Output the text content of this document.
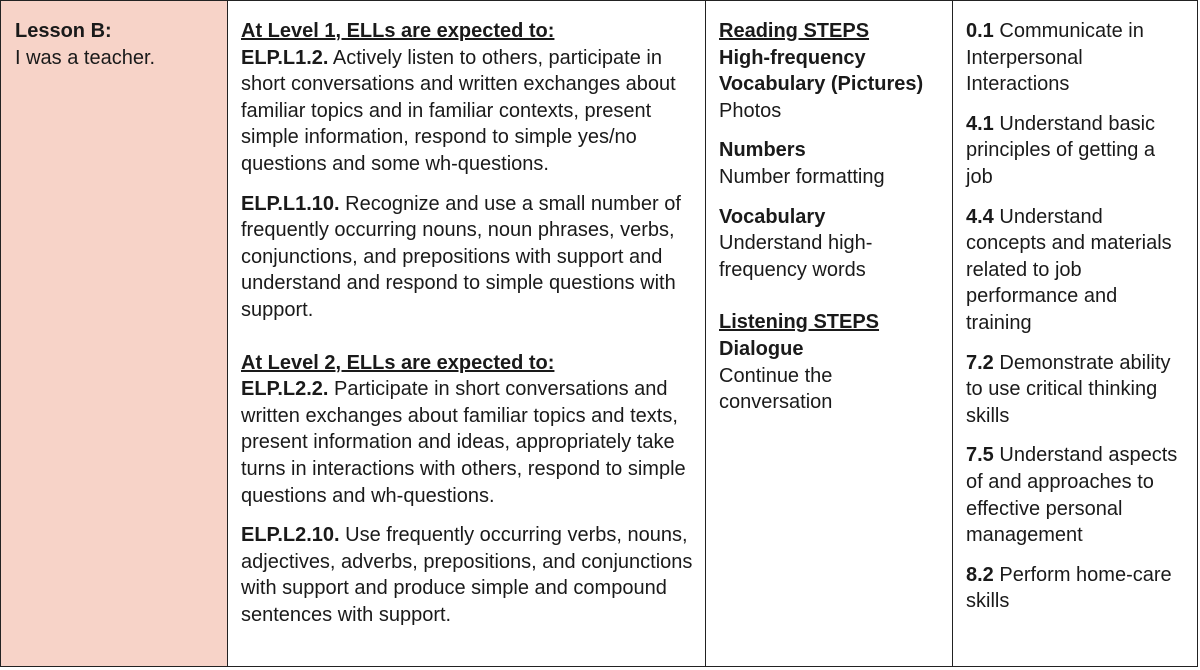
Lesson B:

I was a teacher.

At Level 1, ELLs are expected to:

ELP.L1.2. Actively listen to others, participate in short conversations and written exchanges about familiar topics and in familiar contexts, present simple information, respond to simple yes/no questions and some wh-questions.

ELP.L1.10. Recognize and use a small number of frequently occurring nouns, noun phrases, verbs, conjunctions, and prepositions with support and understand and respond to simple questions with support.

At Level 2, ELLs are expected to:

ELP.L2.2. Participate in short conversations and written exchanges about familiar topics and texts, present information and ideas, appropriately take turns in interactions with others, respond to simple questions and wh-questions.

ELP.L2.10. Use frequently occurring verbs, nouns, adjectives, adverbs, prepositions, and conjunctions with support and produce simple and compound sentences with support.

Reading STEPS

High-frequency Vocabulary (Pictures)

Photos

Numbers

Number formatting

Vocabulary

Understand high-frequency words

Listening STEPS

Dialogue

Continue the conversation

0.1 Communicate in Interpersonal Interactions

4.1 Understand basic principles of getting a job

4.4 Understand concepts and materials related to job performance and training

7.2 Demonstrate ability to use critical thinking skills

7.5 Understand aspects of and approaches to effective personal management

8.2 Perform home-care skills
